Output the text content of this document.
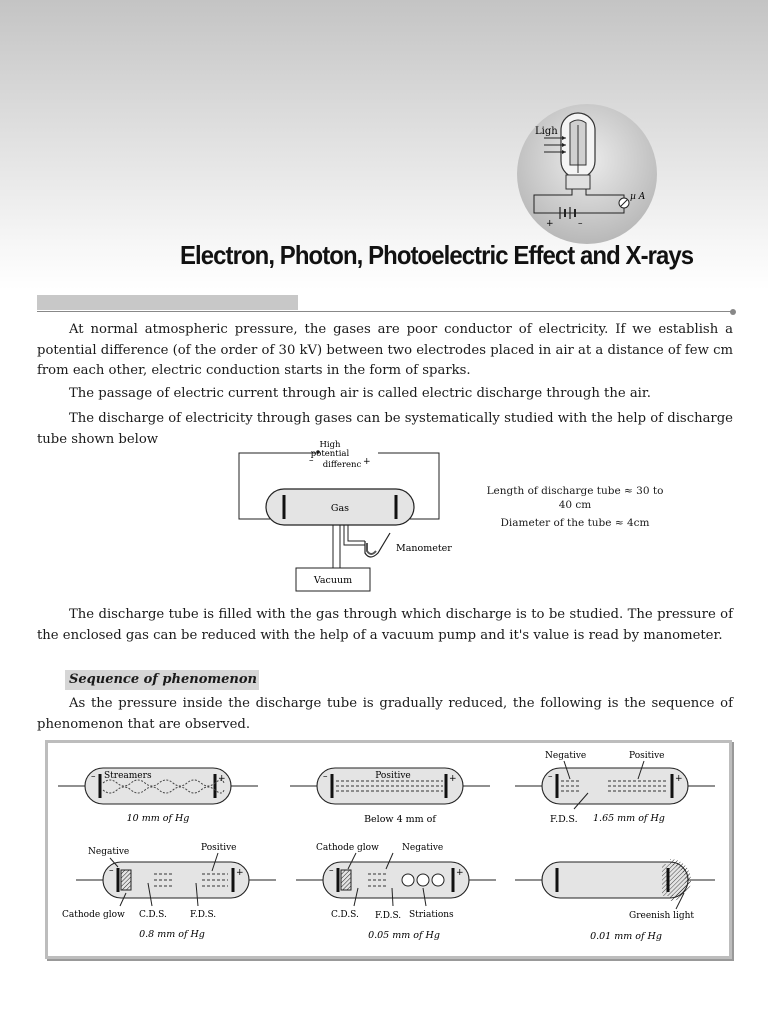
Ligh
µ A
+	–
Electron, Photon, Photoelectric Effect and X-rays

At normal atmospheric pressure, the gases are poor conductor of electricity. If we establish a potential difference (of the order of 30 kV) between two electrodes placed in air at a distance of few cm from each other, electric conduction starts in the form of sparks.

The passage of electric current through air is called electric discharge through the air.

The discharge of electricity through gases can be systematically studied with the help of discharge tube shown below	High
potential
differenc
–	+
Gas
Vacuum
Manometer
Length of discharge tube ≈ 30 to 40 cm
Diameter of the tube ≈ 4cm

The discharge tube is filled with the gas through which discharge is to be studied. The pressure of the enclosed gas can be reduced with the help of a vacuum pump and it's value is read by manometer.

Sequence of phenomenon

As the pressure inside the discharge tube is gradually reduced, the following is the sequence of phenomenon that are observed.

–	+
Streamers
10 mm of Hg
–	+
Positive
Below 4 mm of
–	+
Negative	Positive
F.D.S. 1.65 mm of Hg
–	+
Negative	Positive
Cathode glow C.D.S.	F.D.S.
0.8 mm of Hg
–	+
Cathode glow	Negative
C.D.S. F.D.S. Striations
0.05 mm of Hg
Greenish light
0.01 mm of Hg
